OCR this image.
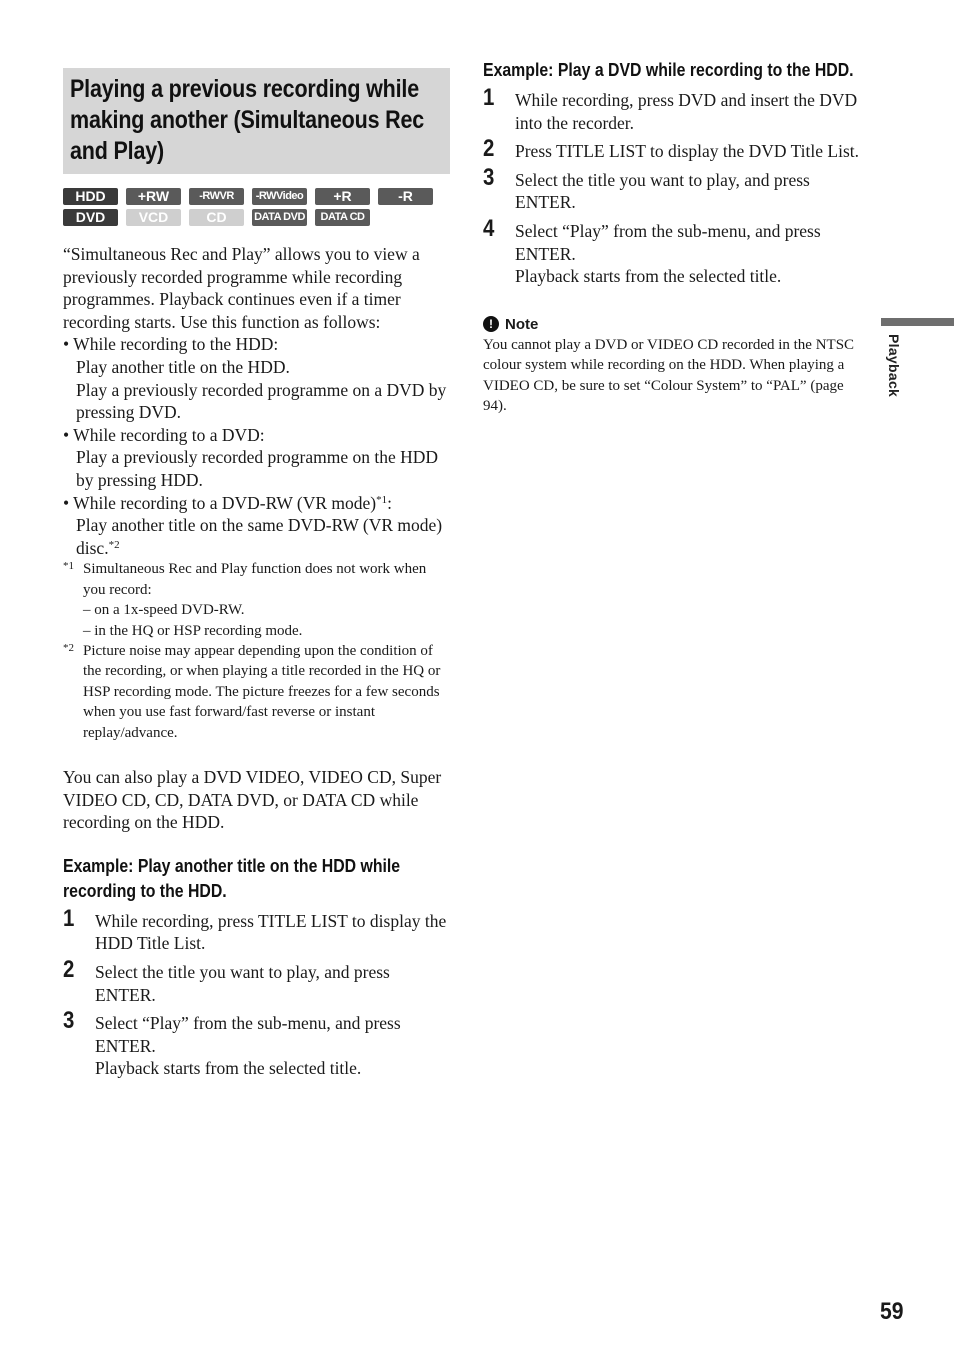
Playing a previous recording while making another (Simultaneous Rec and Play)
HDD	+RW	-RWVR	-RWVideo	+R	-R
DVD	VCD	CD	DATA DVD	DATA CD

“Simultaneous Rec and Play” allows you to view a previously recorded programme while recording programmes. Playback continues even if a timer recording starts. Use this function as follows:

• While recording to the HDD:
Play another title on the HDD.
Play a previously recorded programme on a DVD by pressing DVD.
• While recording to a DVD:
Play a previously recorded programme on the HDD by pressing HDD.
• While recording to a DVD-RW (VR mode)$^{*1}$:
Play another title on the same DVD-RW (VR mode) disc.$^{*2}$
*1 Simultaneous Rec and Play function does not work when you record:
– on a 1x-speed DVD-RW.
– in the HQ or HSP recording mode.
*2 Picture noise may appear depending upon the condition of the recording, or when playing a title recorded in the HQ or HSP recording mode. The picture freezes for a few seconds when you use fast forward/fast reverse or instant replay/advance.

You can also play a DVD VIDEO, VIDEO CD, Super VIDEO CD, CD, DATA DVD, or DATA CD while recording on the HDD.

Example: Play another title on the HDD while recording to the HDD.
1 While recording, press TITLE LIST to display the HDD Title List.

2 Select the title you want to play, and press ENTER.

3 Select “Play” from the sub-menu, and press ENTER.

Playback starts from the selected title.

Example: Play a DVD while recording to the HDD.
1 While recording, press DVD and insert the DVD into the recorder.

2 Press TITLE LIST to display the DVD Title List.

3 Select the title you want to play, and press ENTER.

4 Select “Play” from the sub-menu, and press ENTER.

Playback starts from the selected title.

! Note

You cannot play a DVD or VIDEO CD recorded in the NTSC colour system while recording on the HDD. When playing a VIDEO CD, be sure to set “Colour System” to “PAL” (page 94).

Playback
59
